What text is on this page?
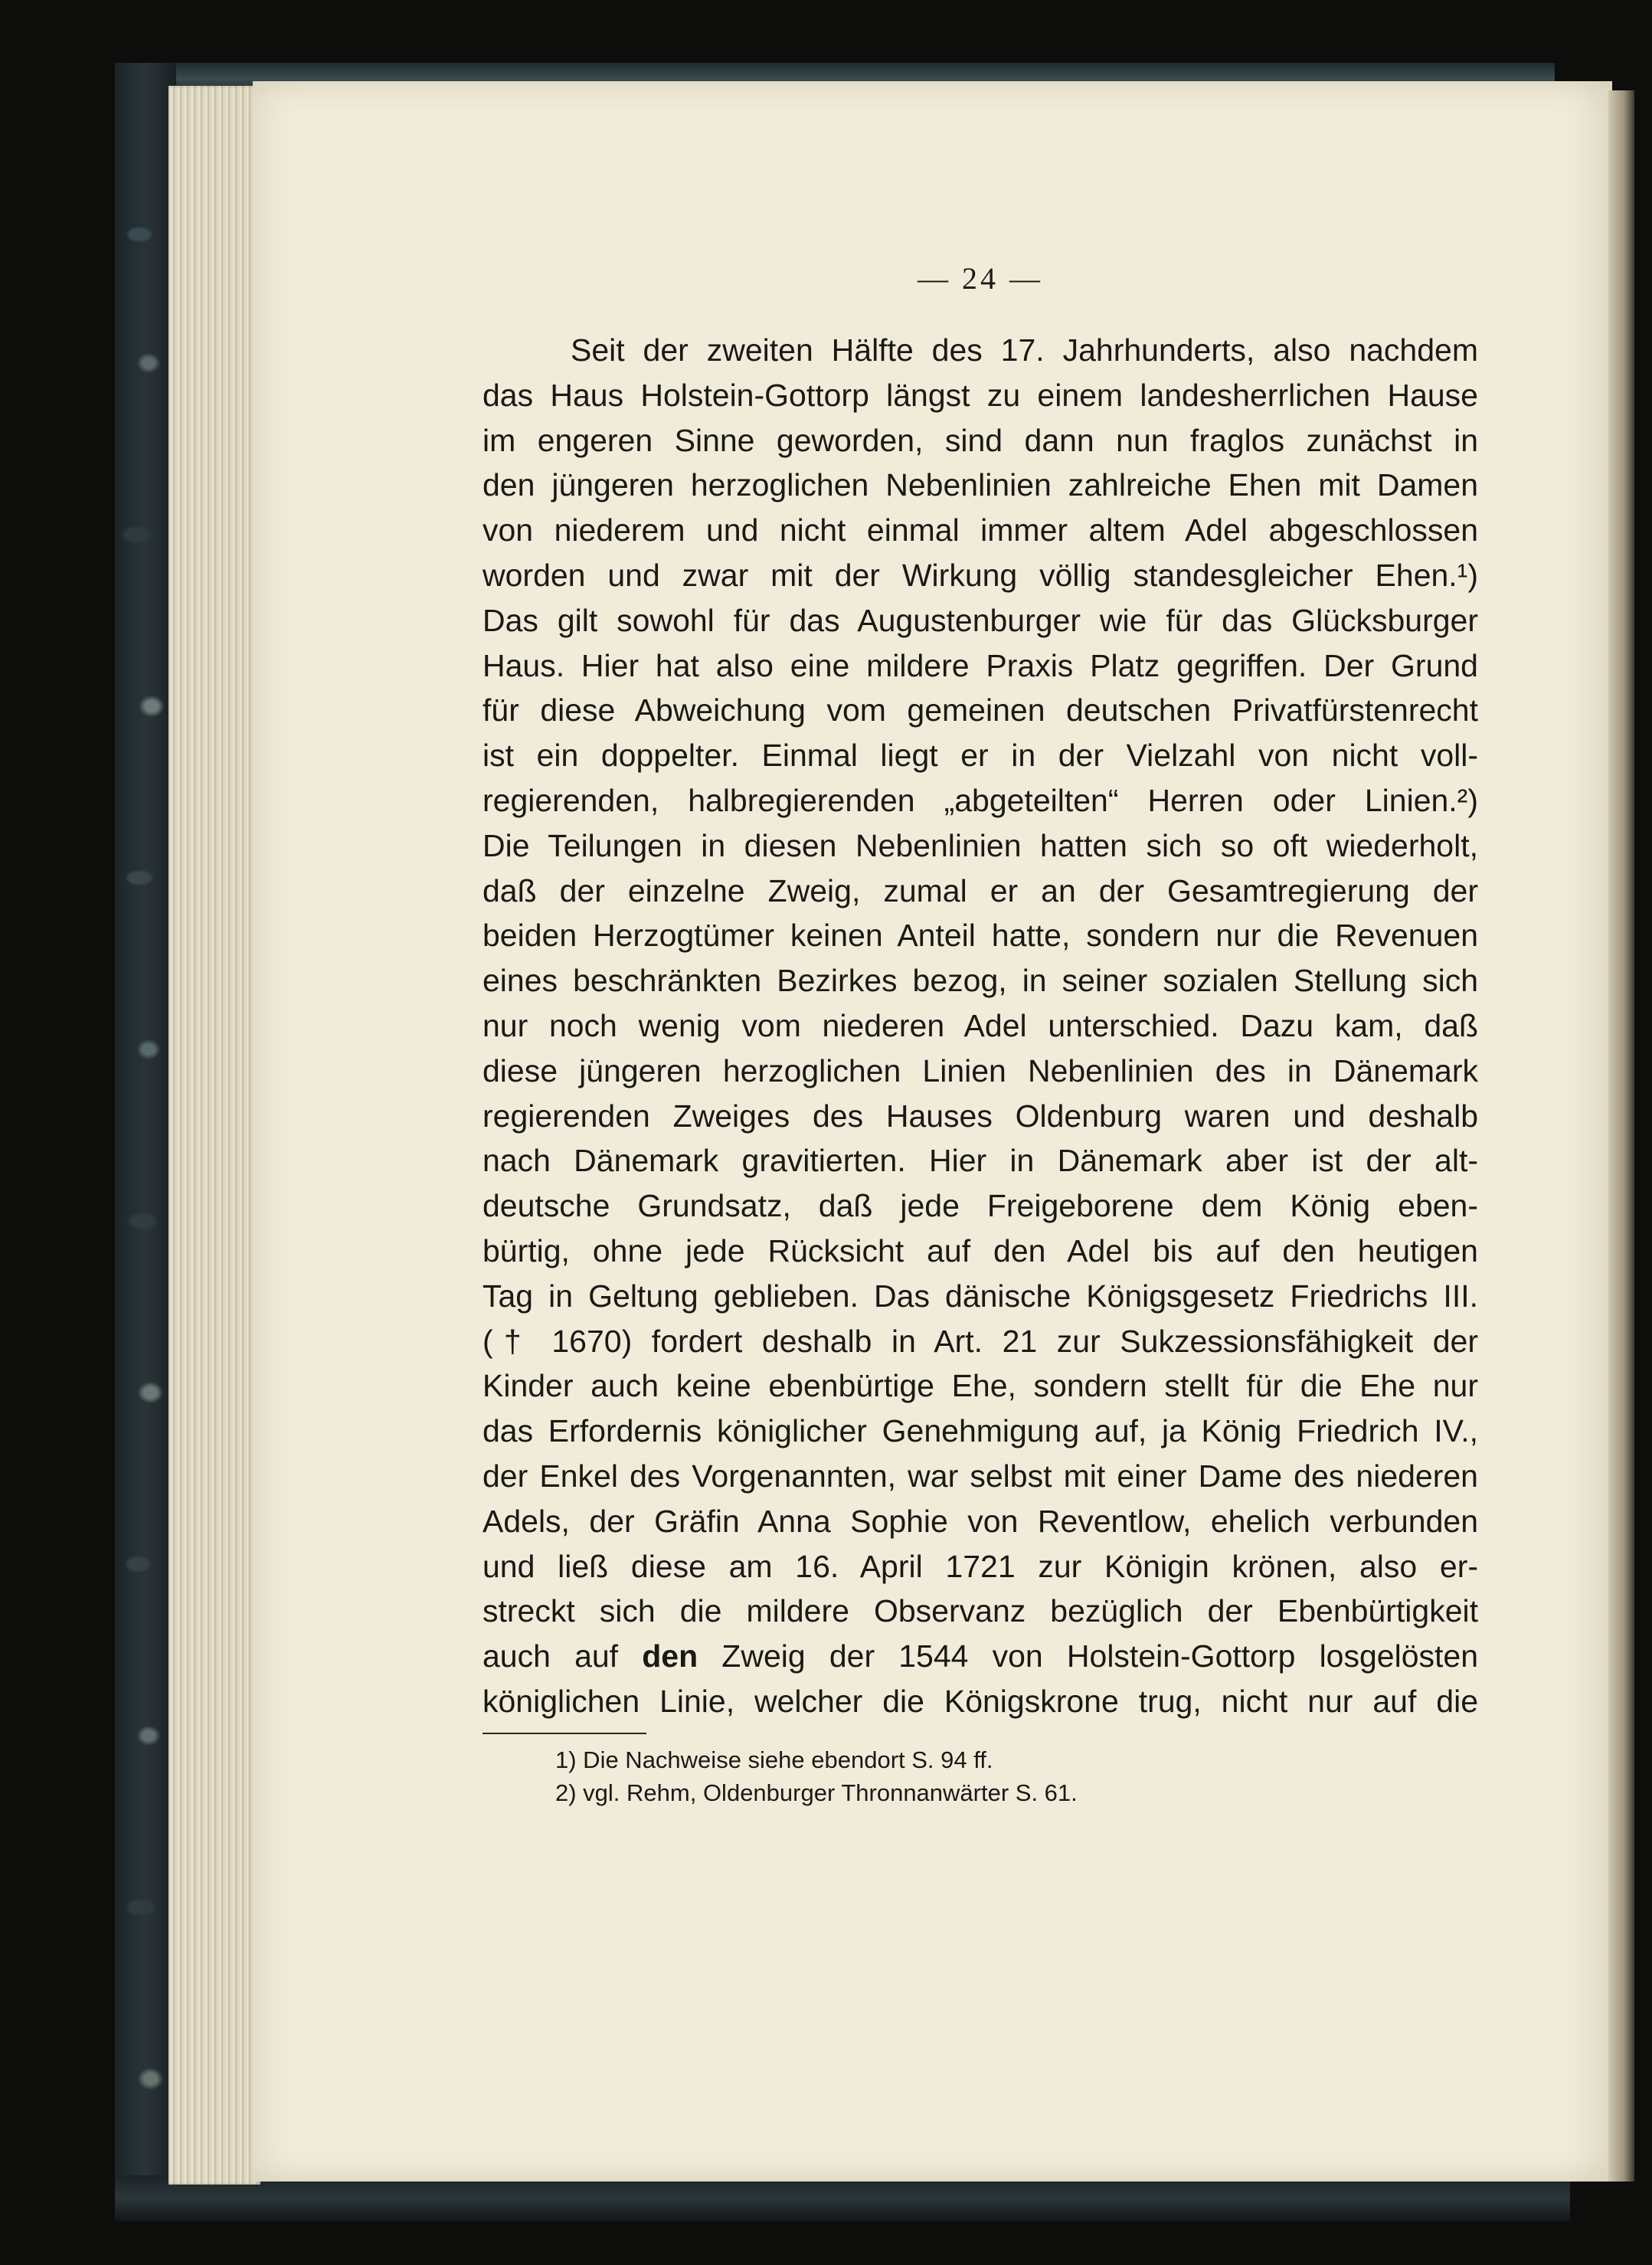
— 24 —
Seit der zweiten Hälfte des 17. Jahrhunderts, also nachdem
das Haus Holstein-Gottorp längst zu einem landesherrlichen Hause
im engeren Sinne geworden, sind dann nun fraglos zunächst in
den jüngeren herzoglichen Nebenlinien zahlreiche Ehen mit Damen
von niederem und nicht einmal immer altem Adel abgeschlossen
worden und zwar mit der Wirkung völlig standesgleicher Ehen.¹)
Das gilt sowohl für das Augustenburger wie für das Glücksburger
Haus. Hier hat also eine mildere Praxis Platz gegriffen. Der Grund
für diese Abweichung vom gemeinen deutschen Privatfürstenrecht
ist ein doppelter. Einmal liegt er in der Vielzahl von nicht voll-
regierenden, halbregierenden „abgeteilten“ Herren oder Linien.²)
Die Teilungen in diesen Nebenlinien hatten sich so oft wiederholt,
daß der einzelne Zweig, zumal er an der Gesamtregierung der
beiden Herzogtümer keinen Anteil hatte, sondern nur die Revenuen
eines beschränkten Bezirkes bezog, in seiner sozialen Stellung sich
nur noch wenig vom niederen Adel unterschied. Dazu kam, daß
diese jüngeren herzoglichen Linien Nebenlinien des in Dänemark
regierenden Zweiges des Hauses Oldenburg waren und deshalb
nach Dänemark gravitierten. Hier in Dänemark aber ist der alt-
deutsche Grundsatz, daß jede Freigeborene dem König eben-
bürtig, ohne jede Rücksicht auf den Adel bis auf den heutigen
Tag in Geltung geblieben. Das dänische Königsgesetz Friedrichs III.
(† 1670) fordert deshalb in Art. 21 zur Sukzessionsfähigkeit der
Kinder auch keine ebenbürtige Ehe, sondern stellt für die Ehe nur
das Erfordernis königlicher Genehmigung auf, ja König Friedrich IV.,
der Enkel des Vorgenannten, war selbst mit einer Dame des niederen
Adels, der Gräfin Anna Sophie von Reventlow, ehelich verbunden
und ließ diese am 16. April 1721 zur Königin krönen, also er-
streckt sich die mildere Observanz bezüglich der Ebenbürtigkeit
auch auf den Zweig der 1544 von Holstein-Gottorp losgelösten
königlichen Linie, welcher die Königskrone trug, nicht nur auf die
1) Die Nachweise siehe ebendort S. 94 ff.
2) vgl. Rehm, Oldenburger Thronnanwärter S. 61.
